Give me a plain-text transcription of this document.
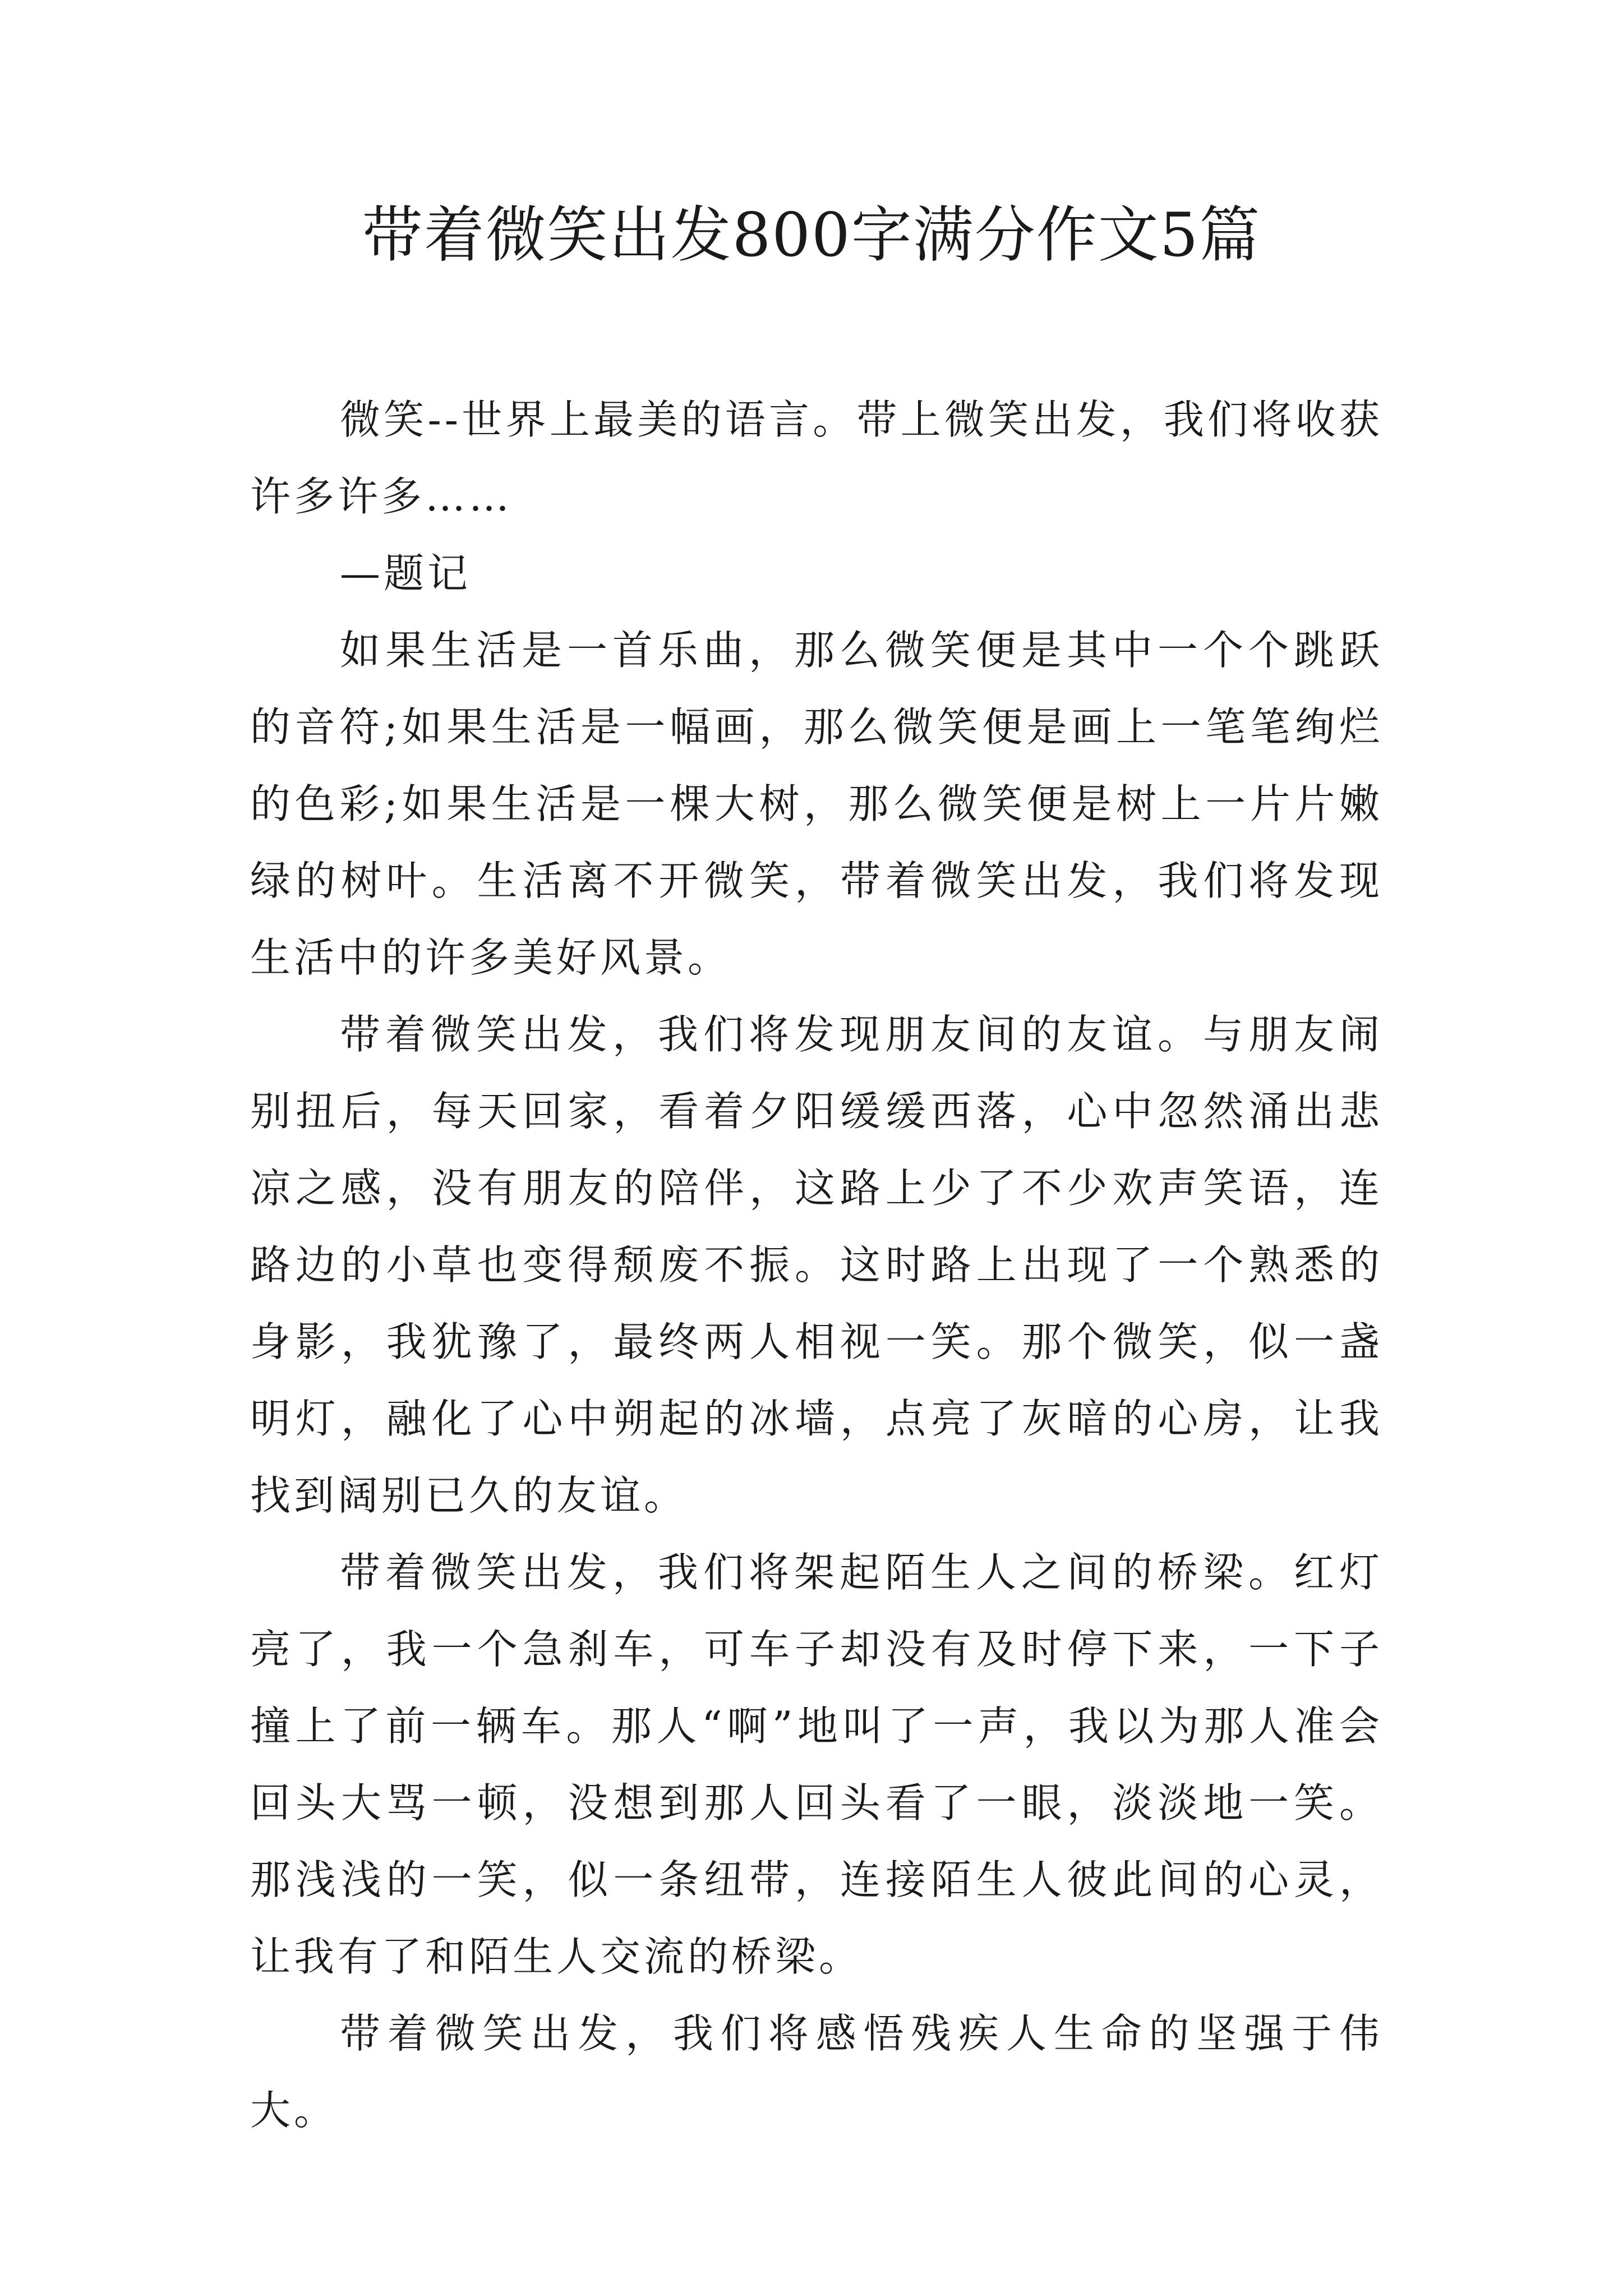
带着微笑出发800字满分作文5篇

微笑--世界上最美的语言。带上微笑出发，我们将收获许多许多……

—题记

如果生活是一首乐曲，那么微笑便是其中一个个跳跃的音符;如果生活是一幅画，那么微笑便是画上一笔笔绚烂的色彩;如果生活是一棵大树，那么微笑便是树上一片片嫩绿的树叶。生活离不开微笑，带着微笑出发，我们将发现生活中的许多美好风景。

带着微笑出发，我们将发现朋友间的友谊。与朋友闹别扭后，每天回家，看着夕阳缓缓西落，心中忽然涌出悲凉之感，没有朋友的陪伴，这路上少了不少欢声笑语，连路边的小草也变得颓废不振。这时路上出现了一个熟悉的身影，我犹豫了，最终两人相视一笑。那个微笑，似一盏明灯，融化了心中朔起的冰墙，点亮了灰暗的心房，让我找到阔别已久的友谊。

带着微笑出发，我们将架起陌生人之间的桥梁。红灯亮了，我一个急刹车，可车子却没有及时停下来，一下子撞上了前一辆车。那人“啊”地叫了一声，我以为那人准会回头大骂一顿，没想到那人回头看了一眼，淡淡地一笑。那浅浅的一笑，似一条纽带，连接陌生人彼此间的心灵，让我有了和陌生人交流的桥梁。

带着微笑出发，我们将感悟残疾人生命的坚强于伟大。
